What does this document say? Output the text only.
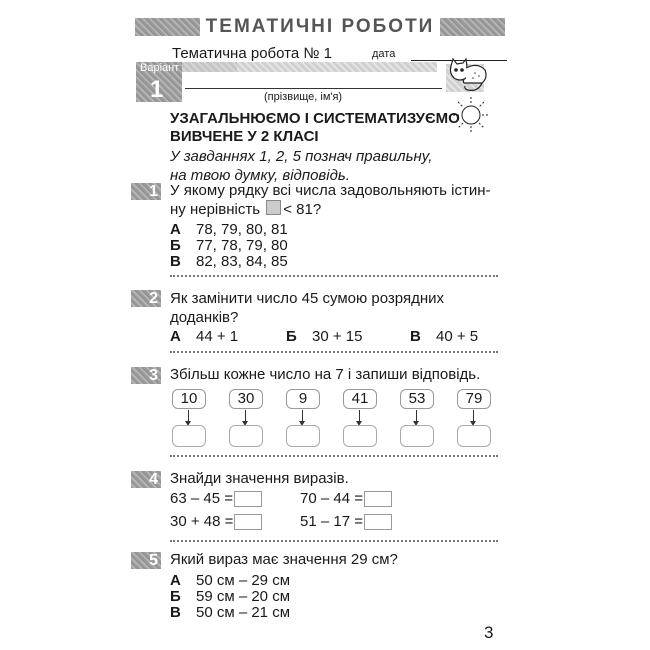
ТЕМАТИЧНІ РОБОТИ
Тематична робота № 1	дата
Варіант
1	(прізвище, ім'я)
УЗАГАЛЬНЮЄМО І СИСТЕМАТИЗУЄМО
ВИВЧЕНЕ У 2 КЛАСІ
У завданнях 1, 2, 5 познач правильну,
на твою думку, відповідь.
1 У якому рядку всі числа задовольняють істин-
ну нерівність < 81?
А 78, 79, 80, 81
Б 77, 78, 79, 80
В 82, 83, 84, 85
2 Як замінити число 45 сумою розрядних
доданків?
А 44 + 1	Б 30 + 15	В 40 + 5
3 Збільш кожне число на 7 і запиши відповідь.
10	30	9	41	53	79
4 Знайди значення виразів.
63 – 45 =	70 – 44 =
30 + 48 =	51 – 17 =
5 Який вираз має значення 29 см?
А 50 см – 29 см
Б 59 см – 20 см
В 50 см – 21 см
3
